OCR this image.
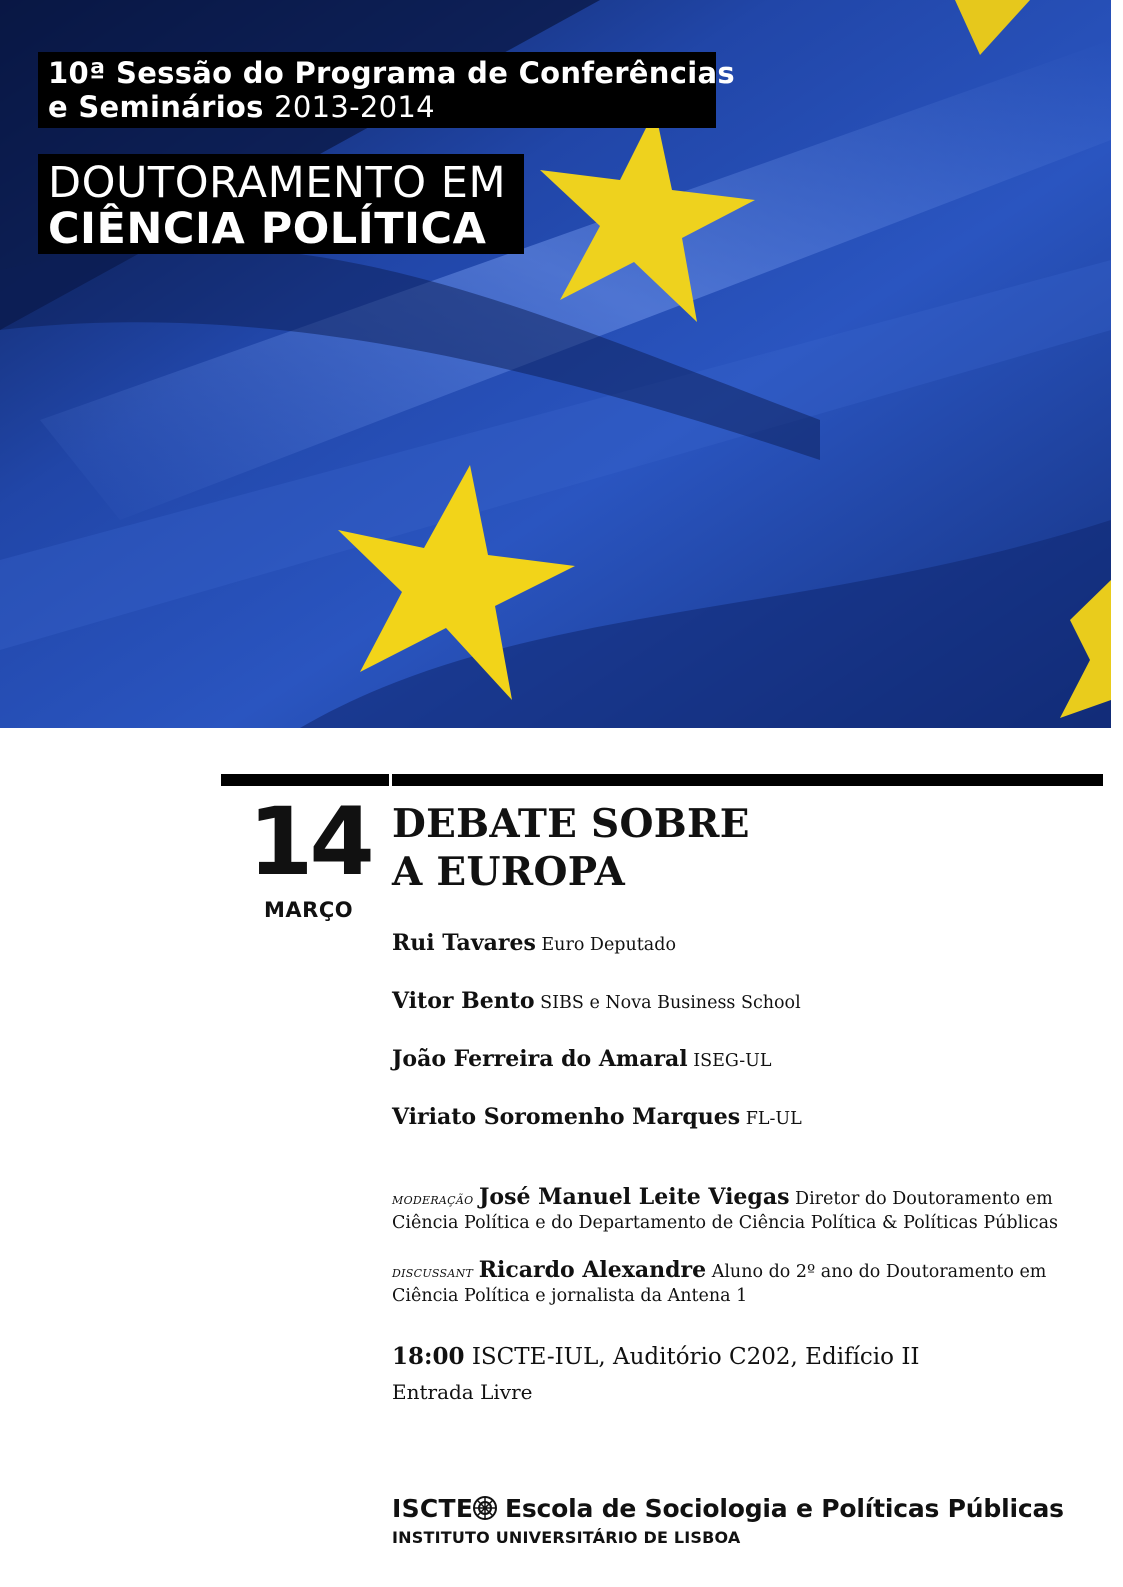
10ª Sessão do Programa de Conferências
e Seminários 2013-2014
DOUTORAMENTO EM
CIÊNCIA POLÍTICA
14
MARÇO
DEBATE SOBRE
A EUROPA
Rui Tavares Euro Deputado
Vitor Bento SIBS e Nova Business School
João Ferreira do Amaral ISEG-UL
Viriato Soromenho Marques FL-UL
MODERAÇÃO José Manuel Leite Viegas Diretor do Doutoramento em
Ciência Política e do Departamento de Ciência Política & Políticas Públicas
DISCUSSANT Ricardo Alexandre Aluno do 2º ano do Doutoramento em
Ciência Política e jornalista da Antena 1
18:00 ISCTE-IUL, Auditório C202, Edifício II
Entrada Livre
ISCTE Escola de Sociologia e Políticas Públicas
INSTITUTO UNIVERSITÁRIO DE LISBOA
